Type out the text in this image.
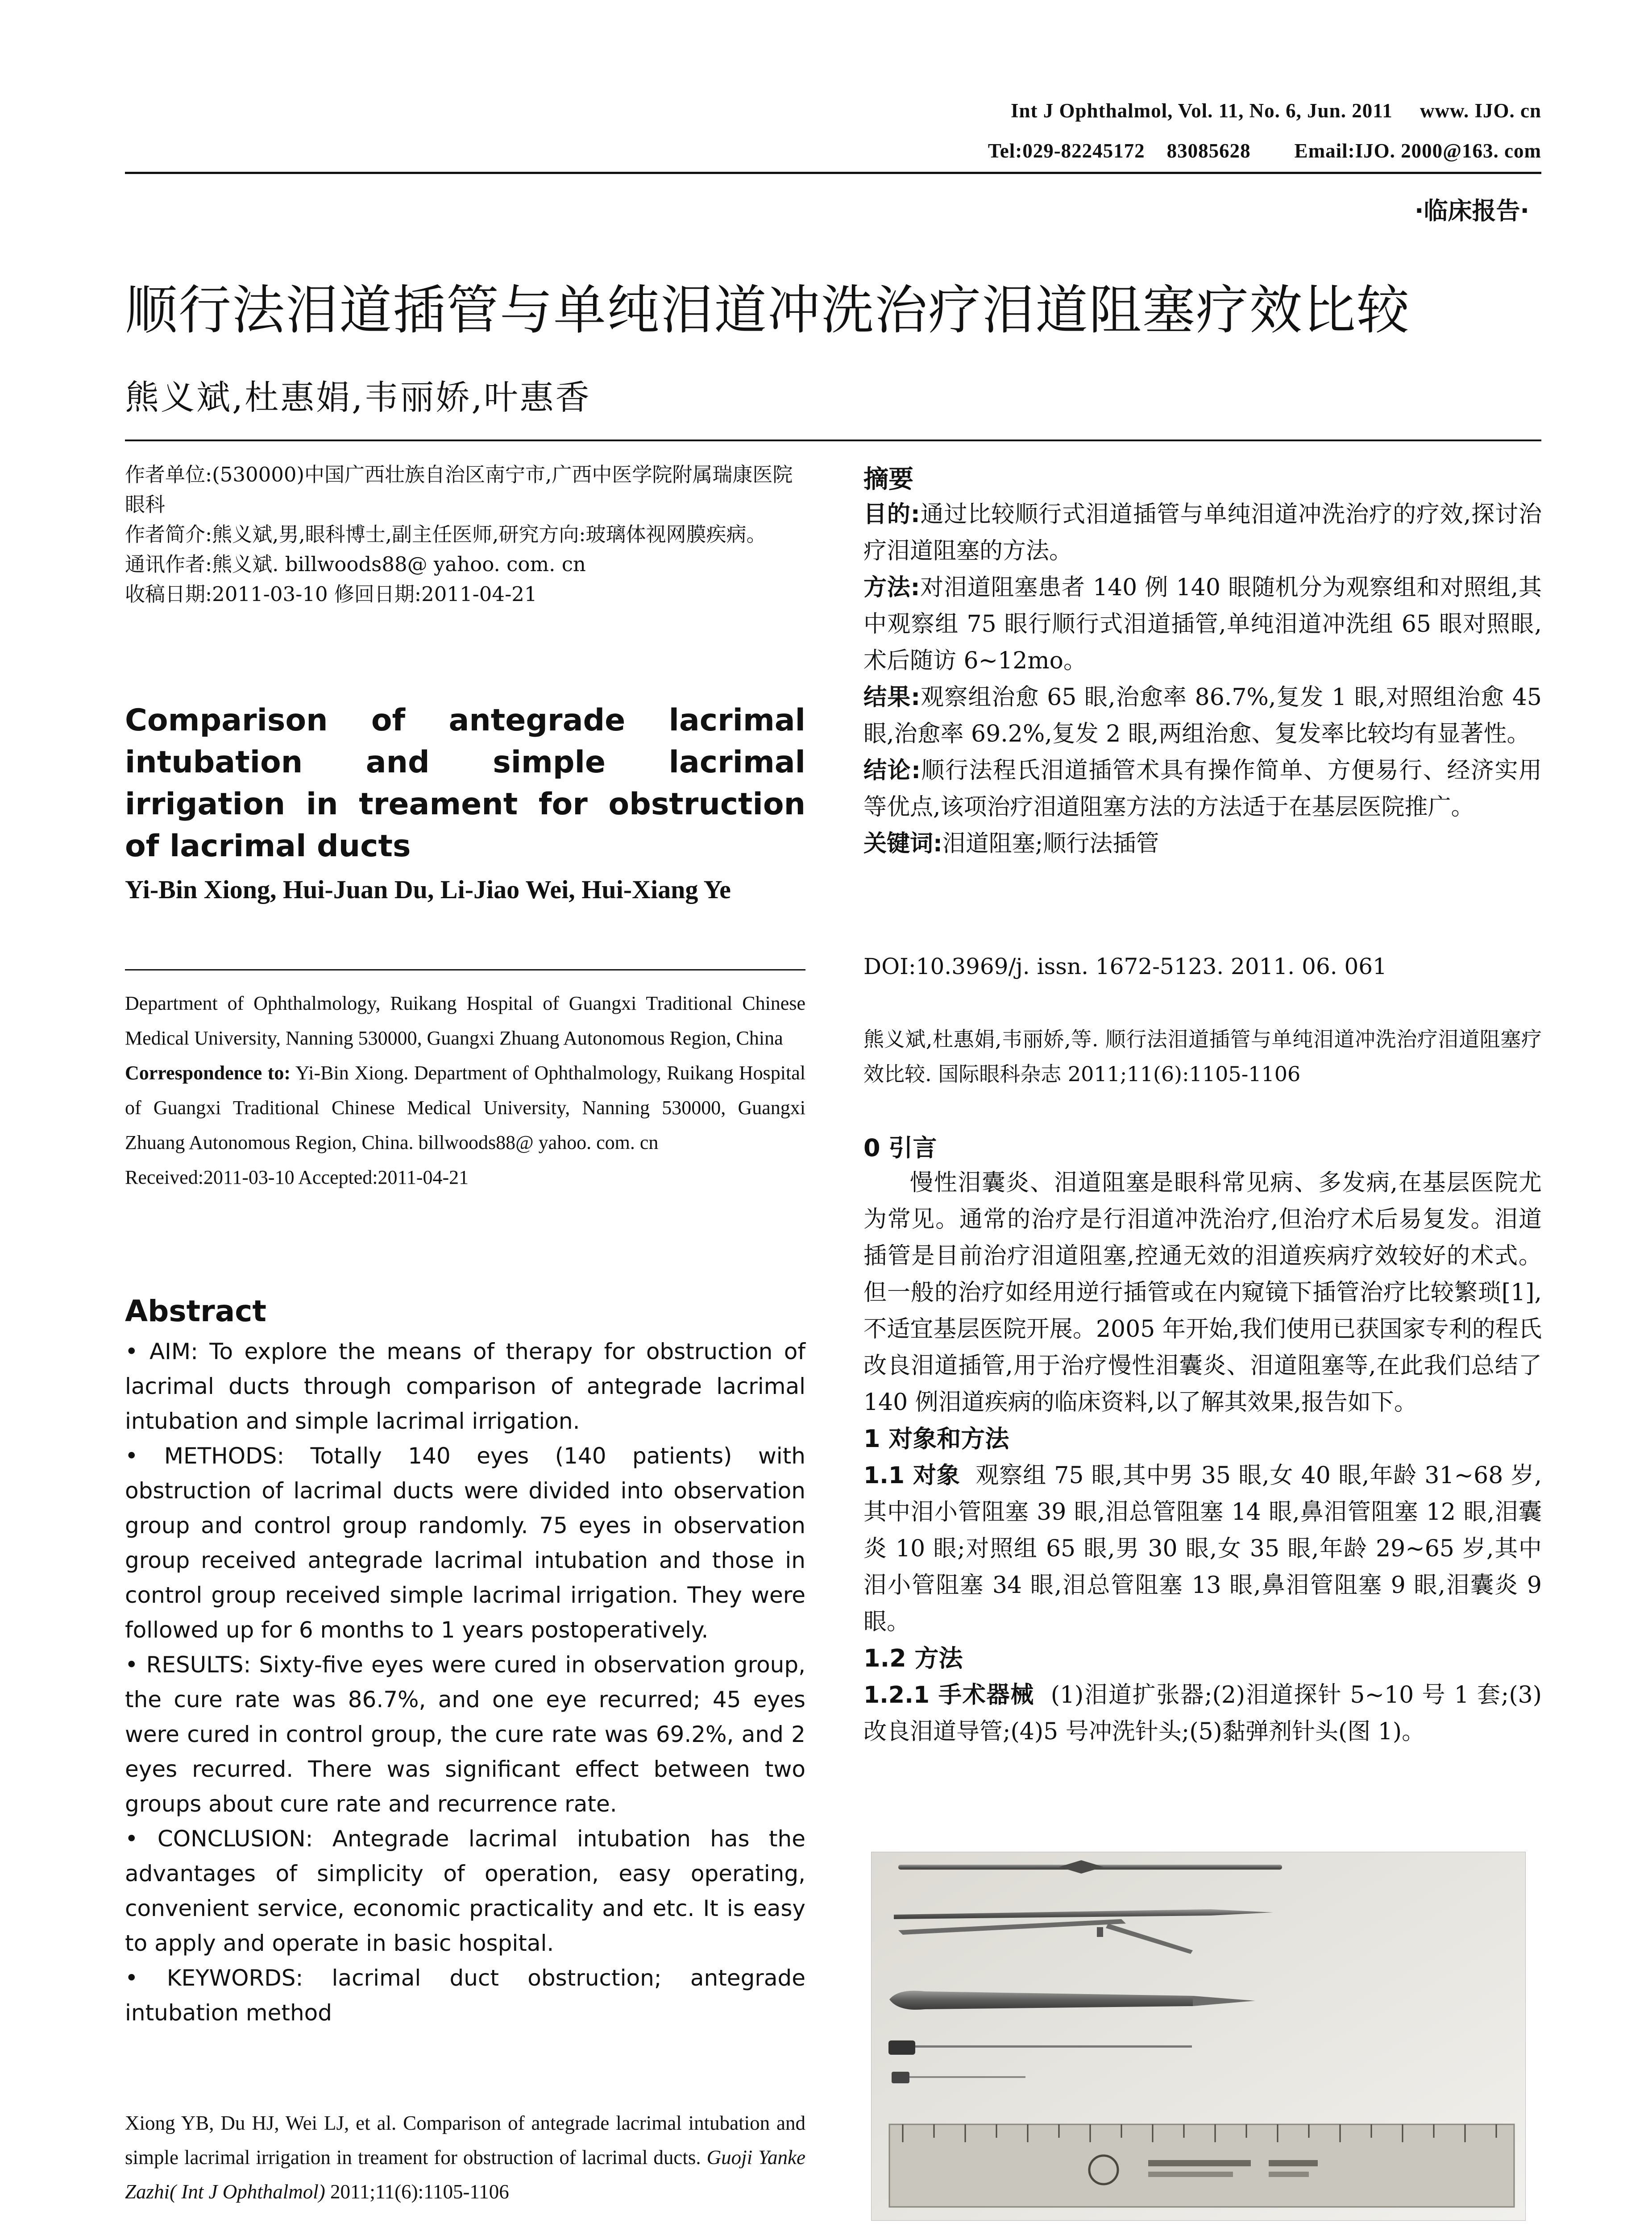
Int J Ophthalmol, Vol. 11, No. 6, Jun. 2011     www. IJO. cn
Tel:029-82245172    83085628        Email:IJO. 2000@163. com
·临床报告·
顺行法泪道插管与单纯泪道冲洗治疗泪道阻塞疗效比较
熊义斌,杜惠娟,韦丽娇,叶惠香

作者单位:(530000)中国广西壮族自治区南宁市,广西中医学院附属瑞康医院眼科

作者简介:熊义斌,男,眼科博士,副主任医师,研究方向:玻璃体视网膜疾病。

通讯作者:熊义斌. billwoods88@ yahoo. com. cn

收稿日期:2011-03-10 修回日期:2011-04-21

Comparison of antegrade lacrimal intubation and simple lacrimal irrigation in treament for obstruction of lacrimal ducts
Yi-Bin Xiong, Hui-Juan Du, Li-Jiao Wei, Hui-Xiang Ye

Department of Ophthalmology, Ruikang Hospital of Guangxi Traditional Chinese Medical University, Nanning 530000, Guangxi Zhuang Autonomous Region, China

Correspondence to: Yi-Bin Xiong. Department of Ophthalmology, Ruikang Hospital of Guangxi Traditional Chinese Medical University, Nanning 530000, Guangxi Zhuang Autonomous Region, China. billwoods88@ yahoo. com. cn

Received:2011-03-10 Accepted:2011-04-21

Abstract

• AIM: To explore the means of therapy for obstruction of lacrimal ducts through comparison of antegrade lacrimal intubation and simple lacrimal irrigation.

• METHODS: Totally 140 eyes (140 patients) with obstruction of lacrimal ducts were divided into observation group and control group randomly. 75 eyes in observation group received antegrade lacrimal intubation and those in control group received simple lacrimal irrigation. They were followed up for 6 months to 1 years postoperatively.

• RESULTS: Sixty-five eyes were cured in observation group, the cure rate was 86.7%, and one eye recurred; 45 eyes were cured in control group, the cure rate was 69.2%, and 2 eyes recurred. There was significant effect between two groups about cure rate and recurrence rate.

• CONCLUSION: Antegrade lacrimal intubation has the advantages of simplicity of operation, easy operating, convenient service, economic practicality and etc. It is easy to apply and operate in basic hospital.

• KEYWORDS: lacrimal duct obstruction; antegrade intubation method

Xiong YB, Du HJ, Wei LJ, et al. Comparison of antegrade lacrimal intubation and simple lacrimal irrigation in treament for obstruction of lacrimal ducts. Guoji Yanke Zazhi( Int J Ophthalmol) 2011;11(6):1105-1106
摘要

目的:通过比较顺行式泪道插管与单纯泪道冲洗治疗的疗效,探讨治疗泪道阻塞的方法。

方法:对泪道阻塞患者 140 例 140 眼随机分为观察组和对照组,其中观察组 75 眼行顺行式泪道插管,单纯泪道冲洗组 65 眼对照眼,术后随访 6~12mo。

结果:观察组治愈 65 眼,治愈率 86.7%,复发 1 眼,对照组治愈 45 眼,治愈率 69.2%,复发 2 眼,两组治愈、复发率比较均有显著性。

结论:顺行法程氏泪道插管术具有操作简单、方便易行、经济实用等优点,该项治疗泪道阻塞方法的方法适于在基层医院推广。

关键词:泪道阻塞;顺行法插管

DOI:10.3969/j. issn. 1672-5123. 2011. 06. 061
熊义斌,杜惠娟,韦丽娇,等. 顺行法泪道插管与单纯泪道冲洗治疗泪道阻塞疗效比较. 国际眼科杂志 2011;11(6):1105-1106
0 引言

慢性泪囊炎、泪道阻塞是眼科常见病、多发病,在基层医院尤为常见。通常的治疗是行泪道冲洗治疗,但治疗术后易复发。泪道插管是目前治疗泪道阻塞,控通无效的泪道疾病疗效较好的术式。但一般的治疗如经用逆行插管或在内窥镜下插管治疗比较繁琐[1],不适宜基层医院开展。2005 年开始,我们使用已获国家专利的程氏改良泪道插管,用于治疗慢性泪囊炎、泪道阻塞等,在此我们总结了 140 例泪道疾病的临床资料,以了解其效果,报告如下。

1 对象和方法

1.1 对象 观察组 75 眼,其中男 35 眼,女 40 眼,年龄 31~68 岁,其中泪小管阻塞 39 眼,泪总管阻塞 14 眼,鼻泪管阻塞 12 眼,泪囊炎 10 眼;对照组 65 眼,男 30 眼,女 35 眼,年龄 29~65 岁,其中泪小管阻塞 34 眼,泪总管阻塞 13 眼,鼻泪管阻塞 9 眼,泪囊炎 9 眼。

1.2 方法

1.2.1 手术器械 (1)泪道扩张器;(2)泪道探针 5~10 号 1 套;(3)改良泪道导管;(4)5 号冲洗针头;(5)黏弹剂针头(图 1)。
